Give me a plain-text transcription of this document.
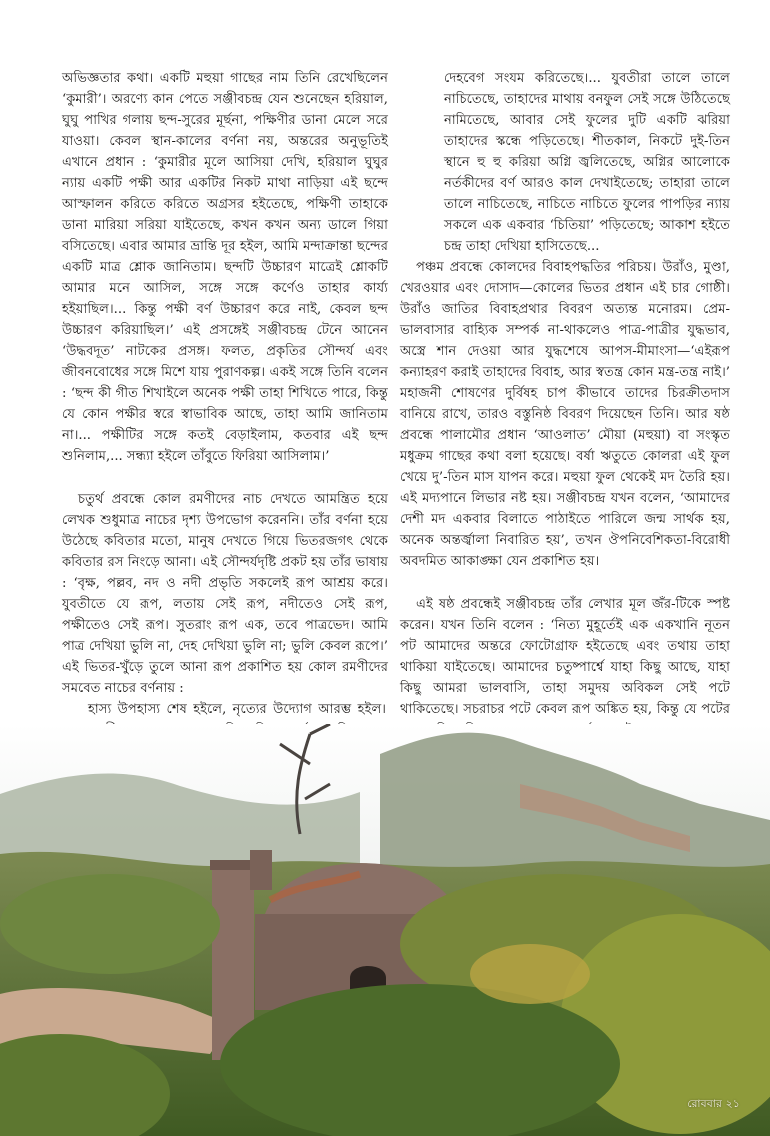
অভিজ্ঞতার কথা। একটি মহুয়া গাছের নাম তিনি রেখেছিলেন ‘কুমারী’। অরণ্যে কান পেতে সঞ্জীবচন্দ্র যেন শুনেছেন হরিয়াল, ঘুঘু পাখির গলায় ছন্দ-সুরের মূর্ছনা, পক্ষিণীর ডানা মেলে সরে যাওয়া। কেবল স্থান-কালের বর্ণনা নয়, অন্তরের অনুভূতিই এখানে প্রধান : ‘কুমারীর মূলে আসিয়া দেখি, হরিয়াল ঘুঘুর ন্যায় একটি পক্ষী আর একটির নিকট মাথা নাড়িয়া এই ছন্দে আস্ফালন করিতে করিতে অগ্রসর হইতেছে, পক্ষিণী তাহাকে ডানা মারিয়া সরিয়া যাইতেছে, কখন কখন অন্য ডালে গিয়া বসিতেছে। এবার আমার ভ্রান্তি দূর হইল, আমি মন্দাক্রান্তা ছন্দের একটি মাত্র শ্লোক জানিতাম। ছন্দটি উচ্চারণ মাত্রেই শ্লোকটি আমার মনে আসিল, সঙ্গে সঙ্গে কর্ণেও তাহার কার্য্য হইয়াছিল।... কিন্তু পক্ষী বর্ণ উচ্চারণ করে নাই, কেবল ছন্দ উচ্চারণ করিয়াছিল।’ এই প্রসঙ্গেই সঞ্জীবচন্দ্র টেনে আনেন ‘উদ্ধবদূত’ নাটকের প্রসঙ্গ। ফলত, প্রকৃতির সৌন্দর্য এবং জীবনবোধের সঙ্গে মিশে যায় পুরাণকল্প। একই সঙ্গে তিনি বলেন : ‘ছন্দ কী গীত শিখাইলে অনেক পক্ষী তাহা শিখিতে পারে, কিন্তু যে কোন পক্ষীর স্বরে স্বাভাবিক আছে, তাহা আমি জানিতাম না।... পক্ষীটির সঙ্গে কতই বেড়াইলাম, কতবার এই ছন্দ শুনিলাম,... সন্ধ্যা হইলে তাঁবুতে ফিরিয়া আসিলাম।’

চতুর্থ প্রবন্ধে কোল রমণীদের নাচ দেখতে আমন্ত্রিত হয়ে লেখক শুধুমাত্র নাচের দৃশ্য উপভোগ করেননি। তাঁর বর্ণনা হয়ে উঠেছে কবিতার মতো, মানুষ দেখতে গিয়ে ভিতরজগৎ থেকে কবিতার রস নিংড়ে আনা। এই সৌন্দর্যদৃষ্টি প্রকট হয় তাঁর ভাষায় : ‘বৃক্ষ, পল্লব, নদ ও নদী প্রভৃতি সকলেই রূপ আশ্রয় করে। যুবতীতে যে রূপ, লতায় সেই রূপ, নদীতেও সেই রূপ, পক্ষীতেও সেই রূপ। সুতরাং রূপ এক, তবে পাত্রভেদ। আমি পাত্র দেখিয়া ভুলি না, দেহ দেখিয়া ভুলি না; ভুলি কেবল রূপে।’ এই ভিতর-খুঁড়ে তুলে আনা রূপ প্রকাশিত হয় কোল রমণীদের সমবেত নাচের বর্ণনায় :

হাস্য উপহাস্য শেষ হইলে, নৃত্যের উদ্যোগ আরম্ভ হইল।

দেহবেগ সংযম করিতেছে।... যুবতীরা তালে তালে নাচিতেছে, তাহাদের মাথায় বনফুল সেই সঙ্গে উঠিতেছে নামিতেছে, আবার সেই ফুলের দুটি একটি ঝরিয়া তাহাদের স্কন্ধে পড়িতেছে। শীতকাল, নিকটে দুই-তিন স্থানে হু হু করিয়া অগ্নি জ্বলিতেছে, অগ্নির আলোকে নর্তকীদের বর্ণ আরও কাল দেখাইতেছে; তাহারা তালে তালে নাচিতেছে, নাচিতে নাচিতে ফুলের পাপড়ির ন্যায় সকলে এক একবার ‘চিতিয়া’ পড়িতেছে; আকাশ হইতে চন্দ্র তাহা দেখিয়া হাসিতেছে...

পঞ্চম প্রবন্ধে কোলদের বিবাহপদ্ধতির পরিচয়। উরাঁও, মুণ্ডা, খেরওয়ার এবং দোসাদ—কোলের ভিতর প্রধান এই চার গোষ্ঠী। উরাঁও জাতির বিবাহপ্রথার বিবরণ অত্যন্ত মনোরম। প্রেম-ভালবাসার বাহ্যিক সম্পর্ক না-থাকলেও পাত্র-পাত্রীর যুদ্ধভাব, অস্ত্রে শান দেওয়া আর যুদ্ধশেষে আপস-মীমাংসা—‘এইরূপ কন্যাহরণ করাই তাহাদের বিবাহ, আর স্বতন্ত্র কোন মন্ত্র-তন্ত্র নাই।’ মহাজনী শোষণের দুর্বিষহ চাপ কীভাবে তাদের চিরক্রীতদাস বানিয়ে রাখে, তারও বস্তুনিষ্ঠ বিবরণ দিয়েছেন তিনি। আর ষষ্ঠ প্রবন্ধে পালামৌর প্রধান ‘আওলাত’ মৌয়া (মহুয়া) বা সংস্কৃত মধুক্রম গাছের কথা বলা হয়েছে। বর্ষা ঋতুতে কোলরা এই ফুল খেয়ে দু’-তিন মাস যাপন করে। মহুয়া ফুল থেকেই মদ তৈরি হয়। এই মদ্যপানে লিভার নষ্ট হয়। সঞ্জীবচন্দ্র যখন বলেন, ‘আমাদের দেশী মদ একবার বিলাতে পাঠাইতে পারিলে জন্ম সার্থক হয়, অনেক অন্তর্জ্বালা নিবারিত হয়’, তখন ঔপনিবেশিকতা-বিরোধী অবদমিত আকাঙ্ক্ষা যেন প্রকাশিত হয়।

এই ষষ্ঠ প্রবন্ধেই সঞ্জীবচন্দ্র তাঁর লেখার মূল জঁর-টিকে স্পষ্ট করেন। যখন তিনি বলেন : ‘নিত্য মুহূর্তেই এক একখানি নূতন পট আমাদের অন্তরে ফোটোগ্রাফ হইতেছে এবং তথায় তাহা থাকিয়া যাইতেছে। আমাদের চতুষ্পার্শ্বে যাহা কিছু আছে, যাহা কিছু আমরা ভালবাসি, তাহা সমুদয় অবিকল সেই পটে থাকিতেছে। সচরাচর পটে কেবল রূপ অঙ্কিত হয়, কিন্তু যে পটের

রোববার ২১
